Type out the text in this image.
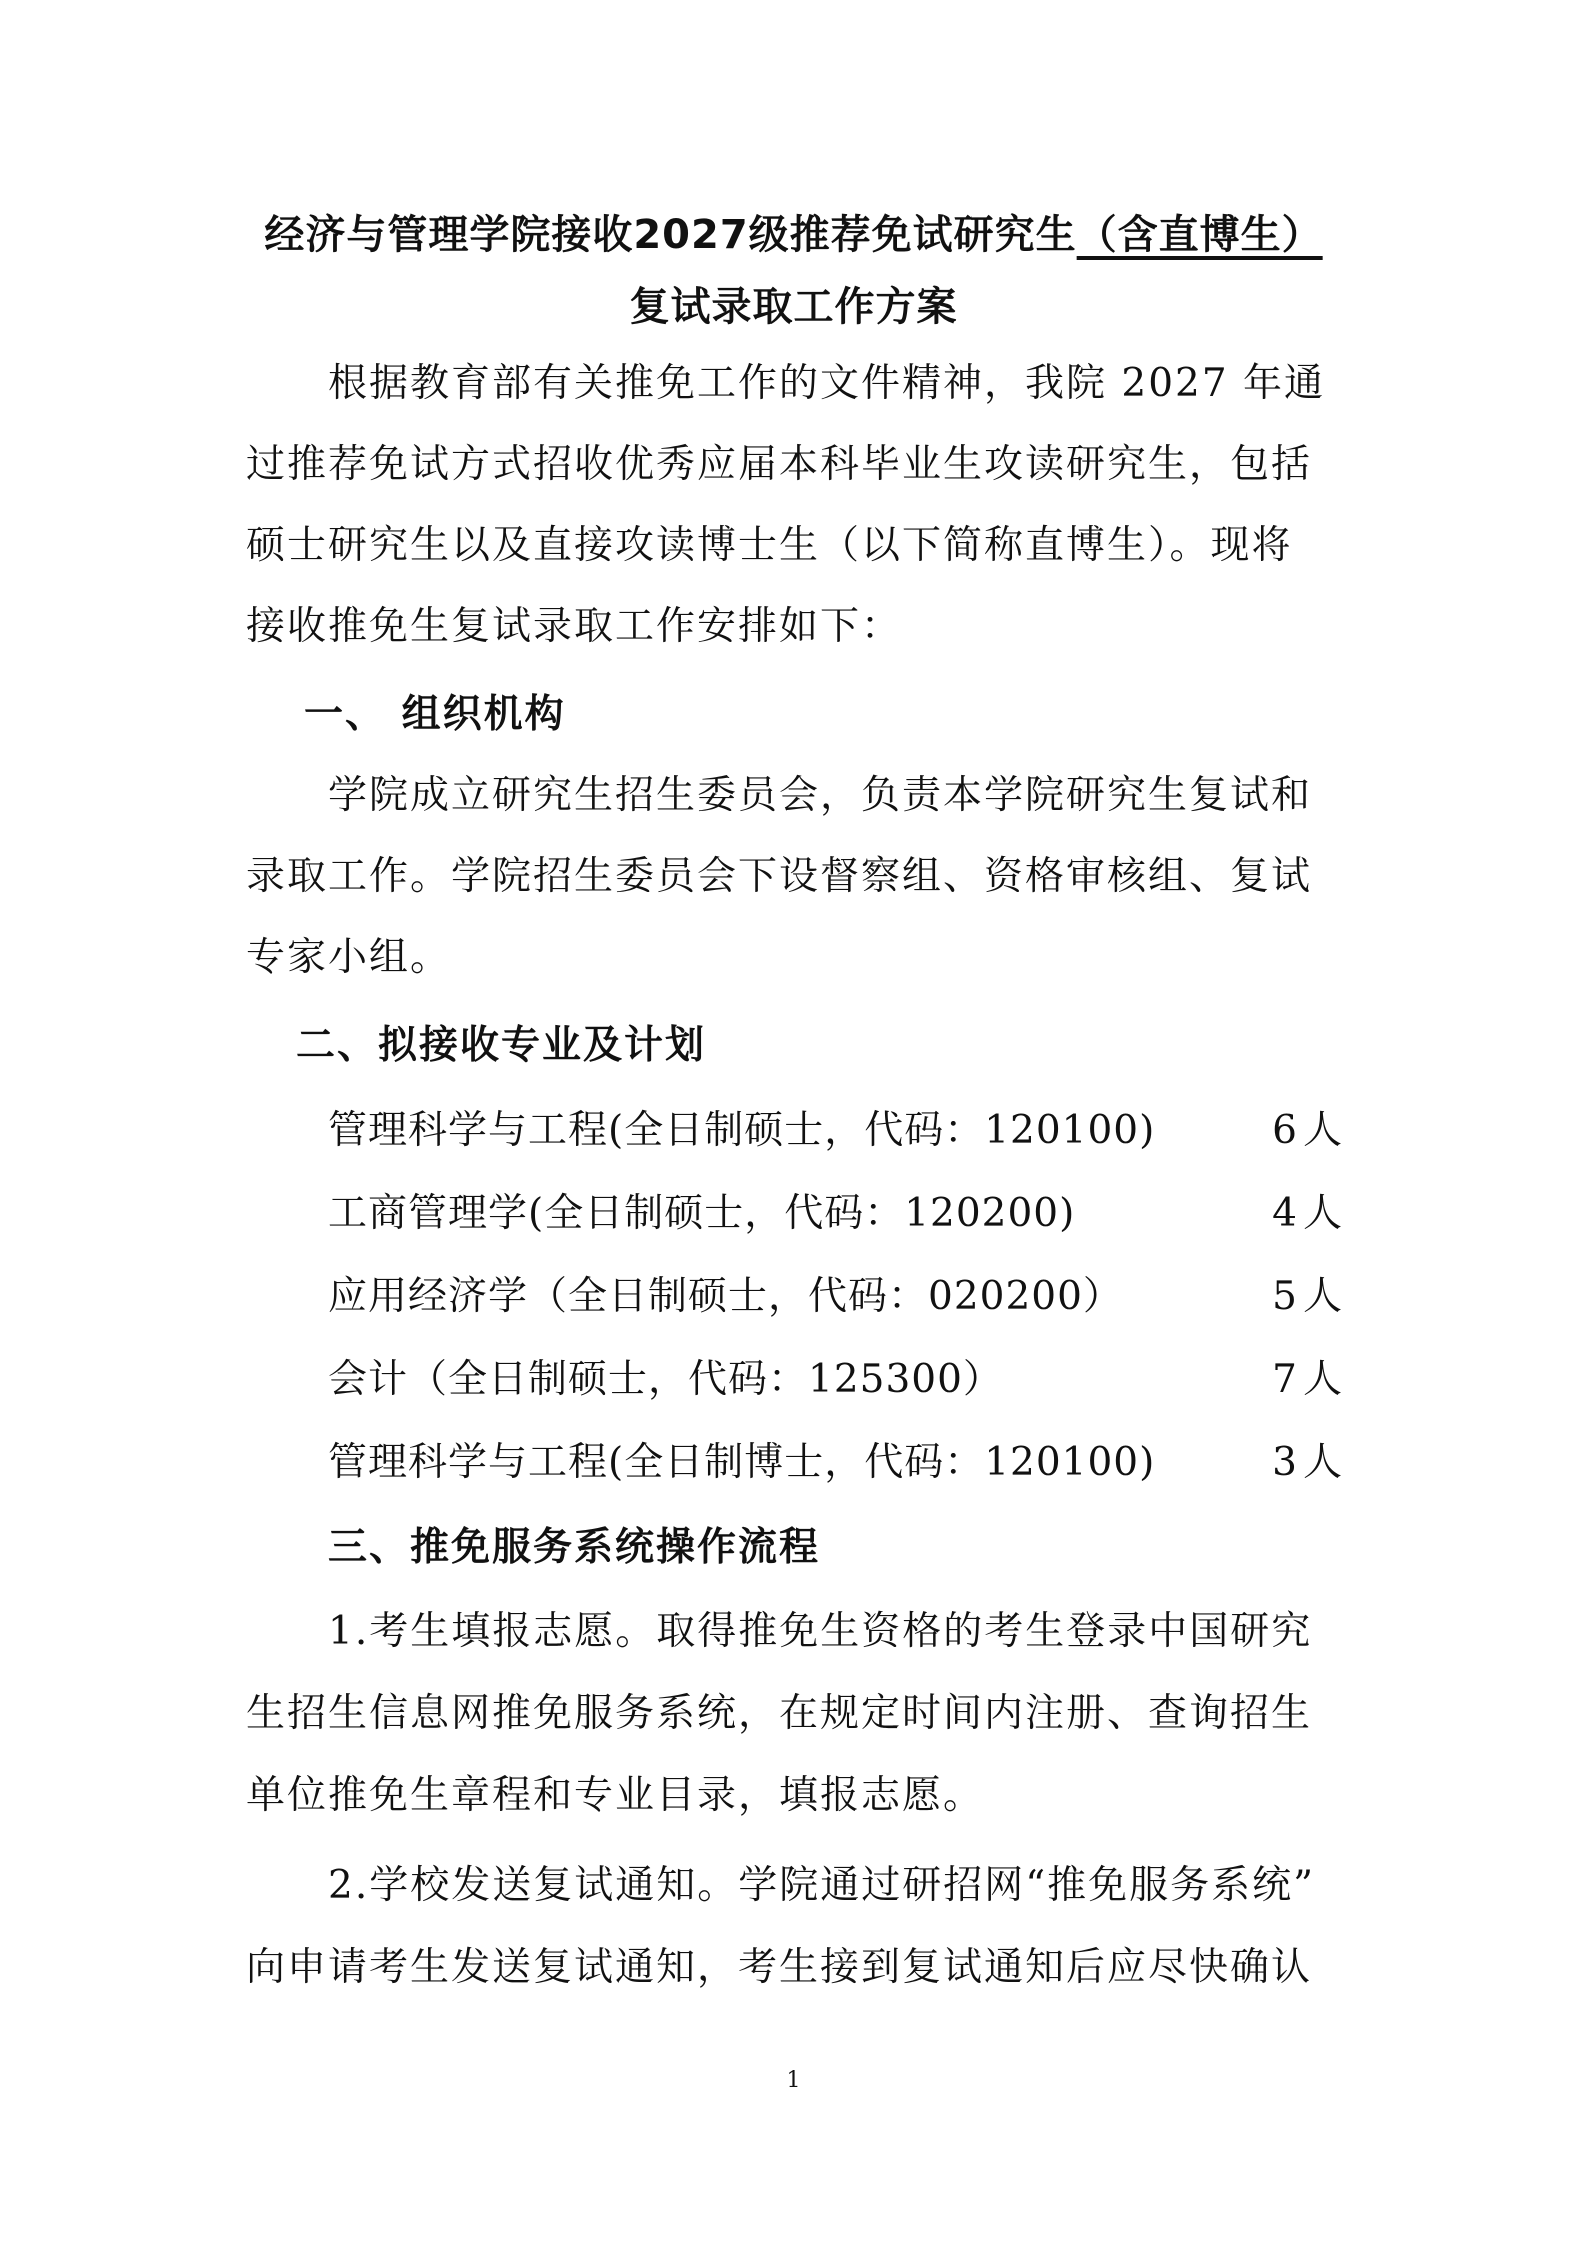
经济与管理学院接收2027级推荐免试研究生（含直博生）
复试录取工作方案
根据教育部有关推免工作的文件精神，我院 2027 年通
过推荐免试方式招收优秀应届本科毕业生攻读研究生，包括
硕士研究生以及直接攻读博士生（以下简称直博生）。现将
接收推免生复试录取工作安排如下：
一、 组织机构
学院成立研究生招生委员会，负责本学院研究生复试和
录取工作。学院招生委员会下设督察组、资格审核组、复试
专家小组。
二、拟接收专业及计划
管理科学与工程(全日制硕士，代码：120100)	6人
工商管理学(全日制硕士，代码：120200)	4人
应用经济学（全日制硕士，代码：020200）	5人
会计（全日制硕士，代码：125300）	7人
管理科学与工程(全日制博士，代码：120100)	3人
三、推免服务系统操作流程
1.考生填报志愿。取得推免生资格的考生登录中国研究
生招生信息网推免服务系统，在规定时间内注册、查询招生
单位推免生章程和专业目录，填报志愿。
2.学校发送复试通知。学院通过研招网“推免服务系统”
向申请考生发送复试通知，考生接到复试通知后应尽快确认
1
